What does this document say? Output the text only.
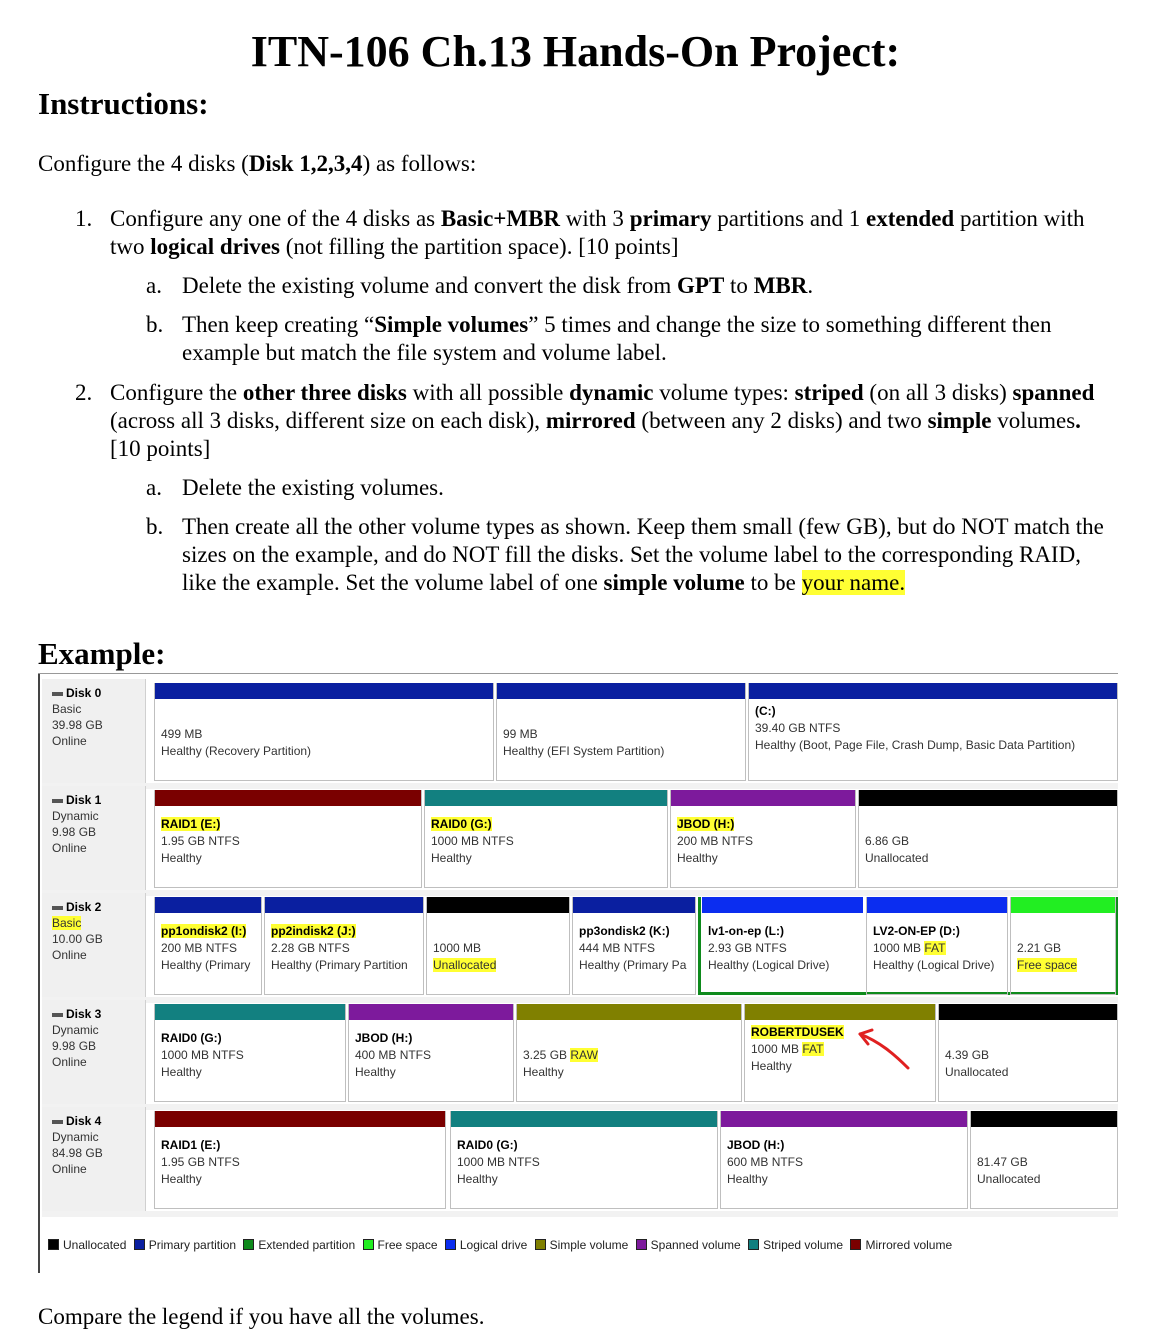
ITN-106 Ch.13 Hands-On Project:
Instructions:

Configure the 4 disks (Disk 1,2,3,4) as follows:

1. Configure any one of the 4 disks as Basic+MBR with 3 primary partitions and 1 extended partition with two logical drives (not filling the partition space). [10 points]

a. Delete the existing volume and convert the disk from GPT to MBR.

b. Then keep creating “Simple volumes” 5 times and change the size to something different then example but match the file system and volume label.

2. Configure the other three disks with all possible dynamic volume types: striped (on all 3 disks) spanned (across all 3 disks, different size on each disk), mirrored (between any 2 disks) and two simple volumes. [10 points]

a. Delete the existing volumes.

b. Then create all the other volume types as shown. Keep them small (few GB), but do NOT match the sizes on the example, and do NOT fill the disks. Set the volume label to the corresponding RAID, like the example. Set the volume label of one simple volume to be your name.

Example:
Disk 0
Basic
39.98 GB
Online
	499 MB
Healthy (Recovery Partition)

99 MB
Healthy (EFI System Partition)
(C:)
39.40 GB NTFS
Healthy (Boot, Page File, Crash Dump, Basic Data Partition)
Disk 1
Dynamic
9.98 GB
Online
RAID1 (E:)
1.95 GB NTFS
Healthy
RAID0 (G:)
1000 MB NTFS
Healthy
JBOD (H:)
200 MB NTFS
Healthy

6.86 GB
Unallocated
Disk 2
Basic
10.00 GB
Online
pp1ondisk2 (I:)
200 MB NTFS
Healthy (Primary
pp2indisk2 (J:)
2.28 GB NTFS
Healthy (Primary Partition

1000 MB
Unallocated
pp3ondisk2 (K:)
444 MB NTFS
Healthy (Primary Pa
lv1-on-ep (L:)
2.93 GB NTFS
Healthy (Logical Drive)
LV2-ON-EP (D:)
1000 MB FAT
Healthy (Logical Drive)

2.21 GB
Free space
Disk 3
Dynamic
9.98 GB
Online
RAID0 (G:)
1000 MB NTFS
Healthy
JBOD (H:)
400 MB NTFS
Healthy

3.25 GB RAW
Healthy
ROBERTDUSEK
1000 MB FAT
Healthy

4.39 GB
Unallocated
Disk 4
Dynamic
84.98 GB
Online
RAID1 (E:)
1.95 GB NTFS
Healthy
RAID0 (G:)
1000 MB NTFS
Healthy
JBOD (H:)
600 MB NTFS
Healthy

81.47 GB
Unallocated
Unallocated Primary partition Extended partition Free space Logical drive Simple volume Spanned volume Striped volume Mirrored volume

Compare the legend if you have all the volumes.
